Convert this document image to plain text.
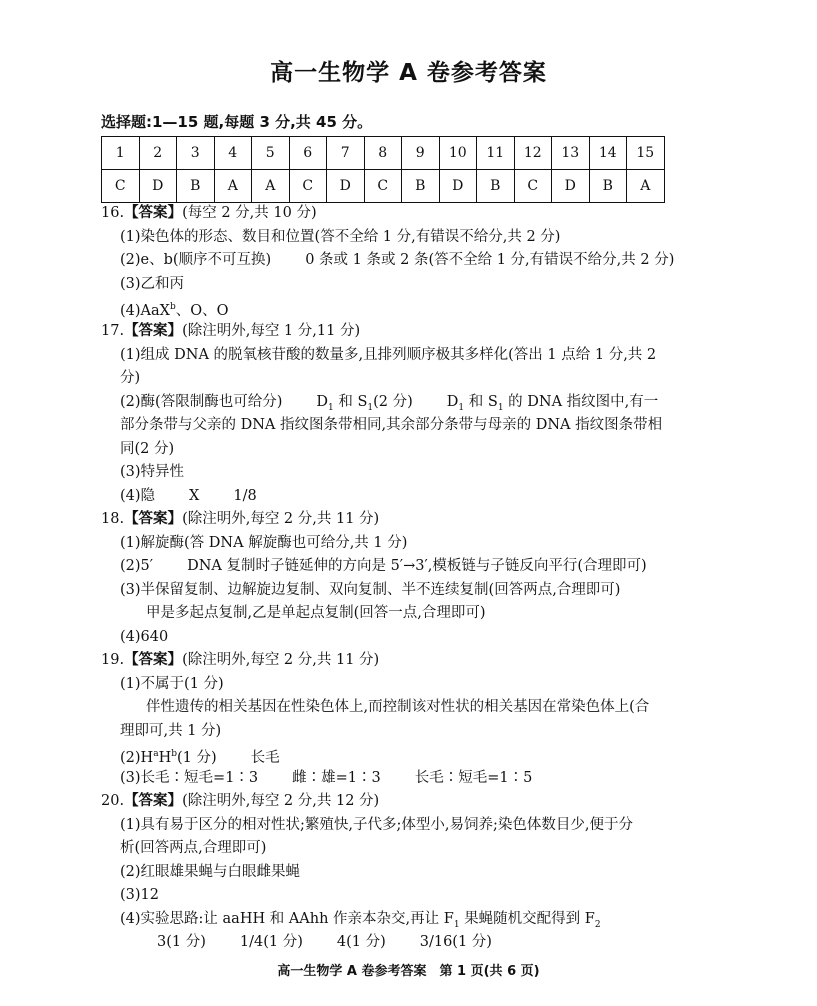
高一生物学 A 卷参考答案
选择题:1—15 题,每题 3 分,共 45 分。
1	2	3	4	5	6	7	8	9	10	11	12	13	14	15
C	D	B	A	A	C	D	C	B	D	B	C	D	B	A
16.【答案】(每空 2 分,共 10 分)
(1)染色体的形态、数目和位置(答不全给 1 分,有错误不给分,共 2 分)
(2)e、b(顺序不可互换) 0 条或 1 条或 2 条(答不全给 1 分,有错误不给分,共 2 分)
(3)乙和丙
(4)AaX$^b$、O、O
17.【答案】(除注明外,每空 1 分,11 分)
(1)组成 DNA 的脱氧核苷酸的数量多,且排列顺序极其多样化(答出 1 点给 1 分,共 2
分)
(2)酶(答限制酶也可给分) $D_1$ 和 $S_1(2$ 分) $D_1$ 和 $S_1$ 的 DNA 指纹图中,有一
部分条带与父亲的 DNA 指纹图条带相同,其余部分条带与母亲的 DNA 指纹图条带相
同(2 分)
(3)特异性
(4)隐 X 1/8
18.【答案】(除注明外,每空 2 分,共 11 分)
(1)解旋酶(答 DNA 解旋酶也可给分,共 1 分)
(2)5′ DNA 复制时子链延伸的方向是 5′→3′,模板链与子链反向平行(合理即可)
(3)半保留复制、边解旋边复制、双向复制、半不连续复制(回答两点,合理即可)
甲是多起点复制,乙是单起点复制(回答一点,合理即可)
(4)640
19.【答案】(除注明外,每空 2 分,共 11 分)
(1)不属于(1 分)
伴性遗传的相关基因在性染色体上,而控制该对性状的相关基因在常染色体上(合
理即可,共 1 分)
$(2)H^aH^b(1$ 分) 长毛
(3)长毛∶短毛=1∶3 雌∶雄=1∶3 长毛∶短毛=1∶5
20.【答案】(除注明外,每空 2 分,共 12 分)
(1)具有易于区分的相对性状;繁殖快,子代多;体型小,易饲养;染色体数目少,便于分
析(回答两点,合理即可)
(2)红眼雄果蝇与白眼雌果蝇
(3)12
(4)实验思路:让 aaHH 和 AAhh 作亲本杂交,再让 $F_1$ 果蝇随机交配得到 $F_2$
3(1 分) 1/4(1 分) 4(1 分) 3/16(1 分)
高一生物学 A 卷参考答案　第 1 页(共 6 页)
